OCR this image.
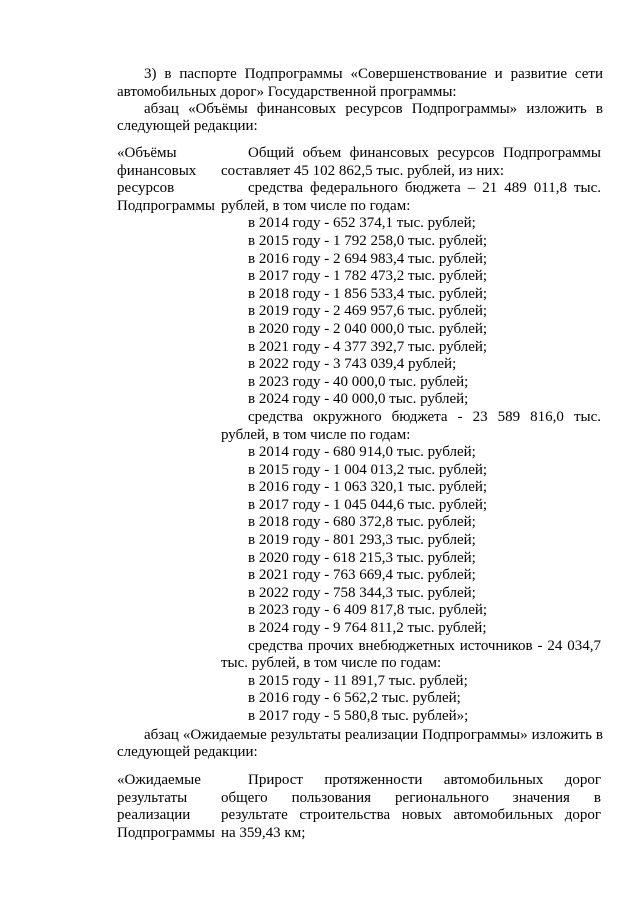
3) в паспорте Подпрограммы «Совершенствование и развитие сети
автомобильных дорог» Государственной программы:
абзац «Объёмы финансовых ресурсов Подпрограммы» изложить в
следующей редакции:
«Объёмы
финансовых
ресурсов
Подпрограммы
Общий объем финансовых ресурсов Подпрограммы
составляет 45 102 862,5 тыс. рублей, из них:
средства федерального бюджета – 21 489 011,8 тыс.
рублей, в том числе по годам:
в 2014 году - 652 374,1 тыс. рублей;
в 2015 году - 1 792 258,0 тыс. рублей;
в 2016 году - 2 694 983,4 тыс. рублей;
в 2017 году - 1 782 473,2 тыс. рублей;
в 2018 году - 1 856 533,4 тыс. рублей;
в 2019 году - 2 469 957,6 тыс. рублей;
в 2020 году - 2 040 000,0 тыс. рублей;
в 2021 году - 4 377 392,7 тыс. рублей;
в 2022 году - 3 743 039,4 рублей;
в 2023 году - 40 000,0 тыс. рублей;
в 2024 году - 40 000,0 тыс. рублей;
средства окружного бюджета - 23 589 816,0 тыс.
рублей, в том числе по годам:
в 2014 году - 680 914,0 тыс. рублей;
в 2015 году - 1 004 013,2 тыс. рублей;
в 2016 году - 1 063 320,1 тыс. рублей;
в 2017 году - 1 045 044,6 тыс. рублей;
в 2018 году - 680 372,8 тыс. рублей;
в 2019 году - 801 293,3 тыс. рублей;
в 2020 году - 618 215,3 тыс. рублей;
в 2021 году - 763 669,4 тыс. рублей;
в 2022 году - 758 344,3 тыс. рублей;
в 2023 году - 6 409 817,8 тыс. рублей;
в 2024 году - 9 764 811,2 тыс. рублей;
средства прочих внебюджетных источников - 24 034,7
тыс. рублей, в том числе по годам:
в 2015 году - 11 891,7 тыс. рублей;
в 2016 году - 6 562,2 тыс. рублей;
в 2017 году - 5 580,8 тыс. рублей»;
абзац «Ожидаемые результаты реализации Подпрограммы» изложить в
следующей редакции:
«Ожидаемые
результаты
реализации
Подпрограммы
Прирост протяженности автомобильных дорог
общего пользования регионального значения в
результате строительства новых автомобильных дорог
на 359,43 км;
